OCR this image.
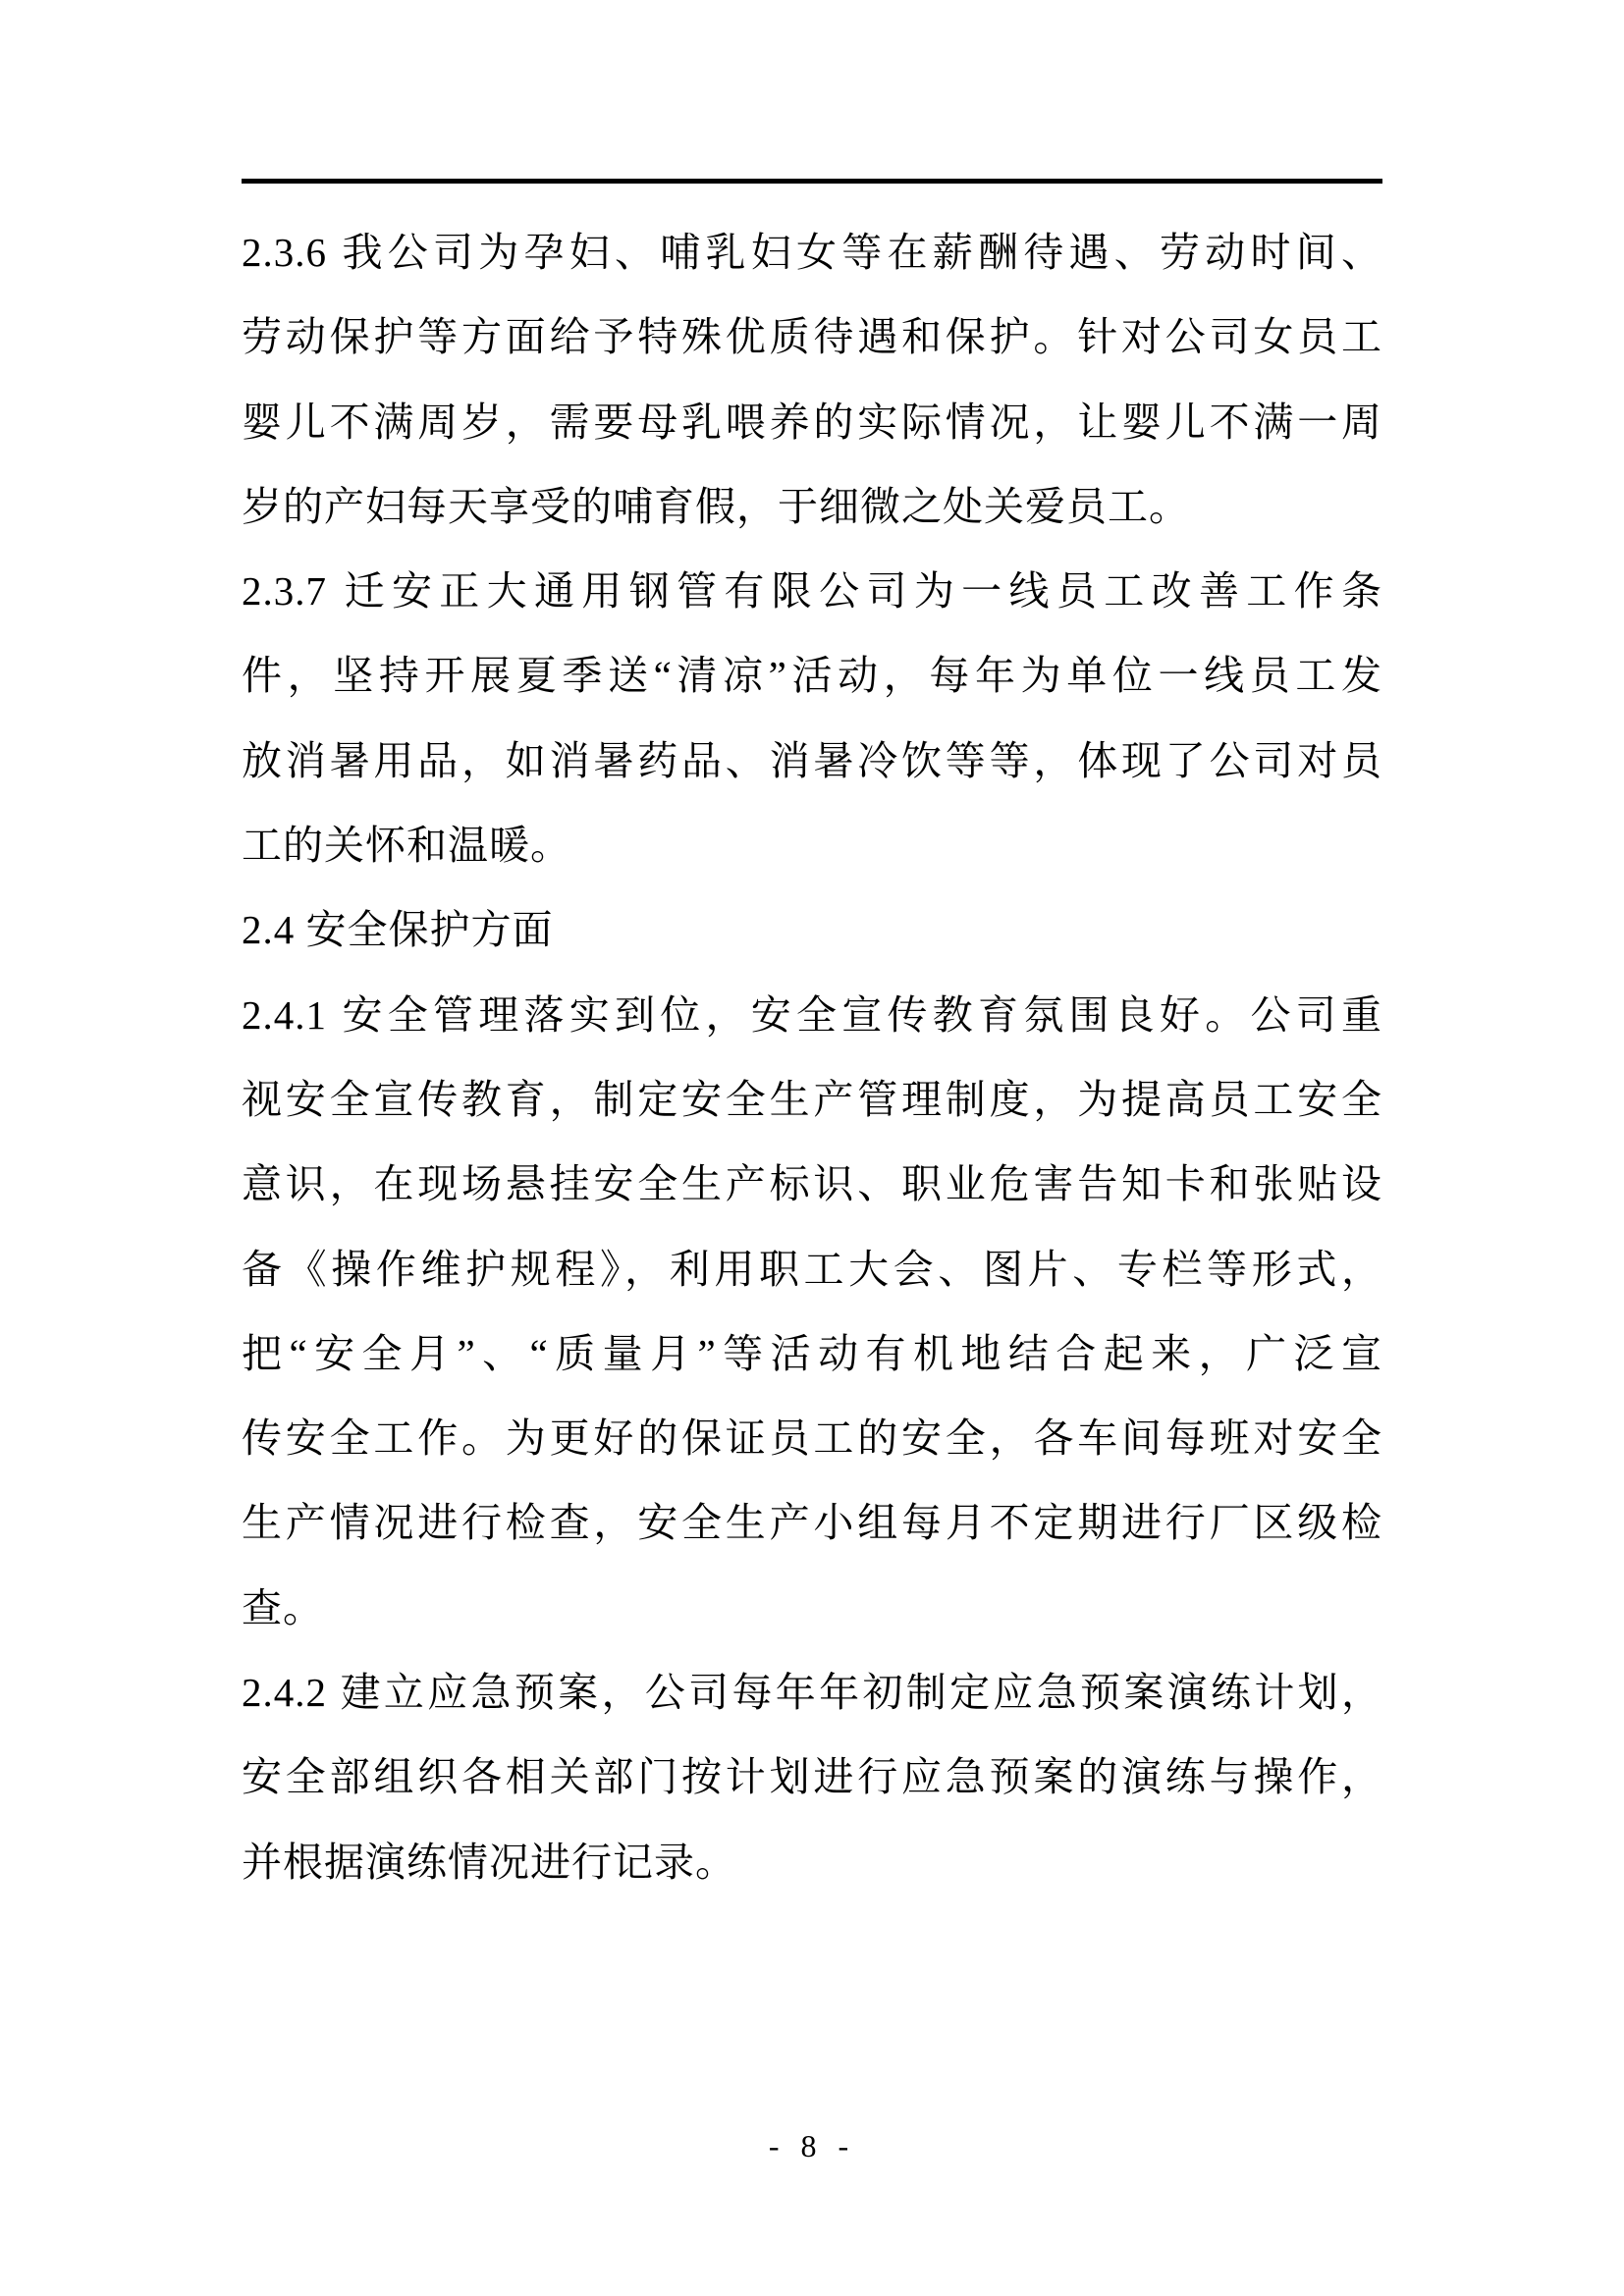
2.3.6 我公司为孕妇、哺乳妇女等在薪酬待遇、劳动时间、

劳动保护等方面给予特殊优质待遇和保护。针对公司女员工

婴儿不满周岁，需要母乳喂养的实际情况，让婴儿不满一周

岁的产妇每天享受的哺育假，于细微之处关爱员工。

2.3.7 迁安正大通用钢管有限公司为一线员工改善工作条

件，坚持开展夏季送“清凉”活动，每年为单位一线员工发

放消暑用品，如消暑药品、消暑冷饮等等，体现了公司对员

工的关怀和温暖。

2.4 安全保护方面

2.4.1 安全管理落实到位，安全宣传教育氛围良好。公司重

视安全宣传教育，制定安全生产管理制度，为提高员工安全

意识，在现场悬挂安全生产标识、职业危害告知卡和张贴设

备《操作维护规程》，利用职工大会、图片、专栏等形式，

把“安全月”、“质量月”等活动有机地结合起来，广泛宣

传安全工作。为更好的保证员工的安全，各车间每班对安全

生产情况进行检查，安全生产小组每月不定期进行厂区级检

查。

2.4.2 建立应急预案，公司每年年初制定应急预案演练计划，

安全部组织各相关部门按计划进行应急预案的演练与操作，

并根据演练情况进行记录。

- 8 -
